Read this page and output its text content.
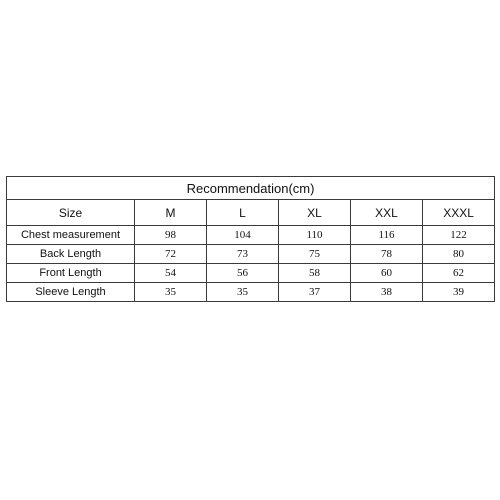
Recommendation(cm)					
Size	M	L	XL	XXL	XXXL
Chest measurement	98	104	110	116	122
Back Length	72	73	75	78	80
Front Length	54	56	58	60	62
Sleeve Length	35	35	37	38	39
